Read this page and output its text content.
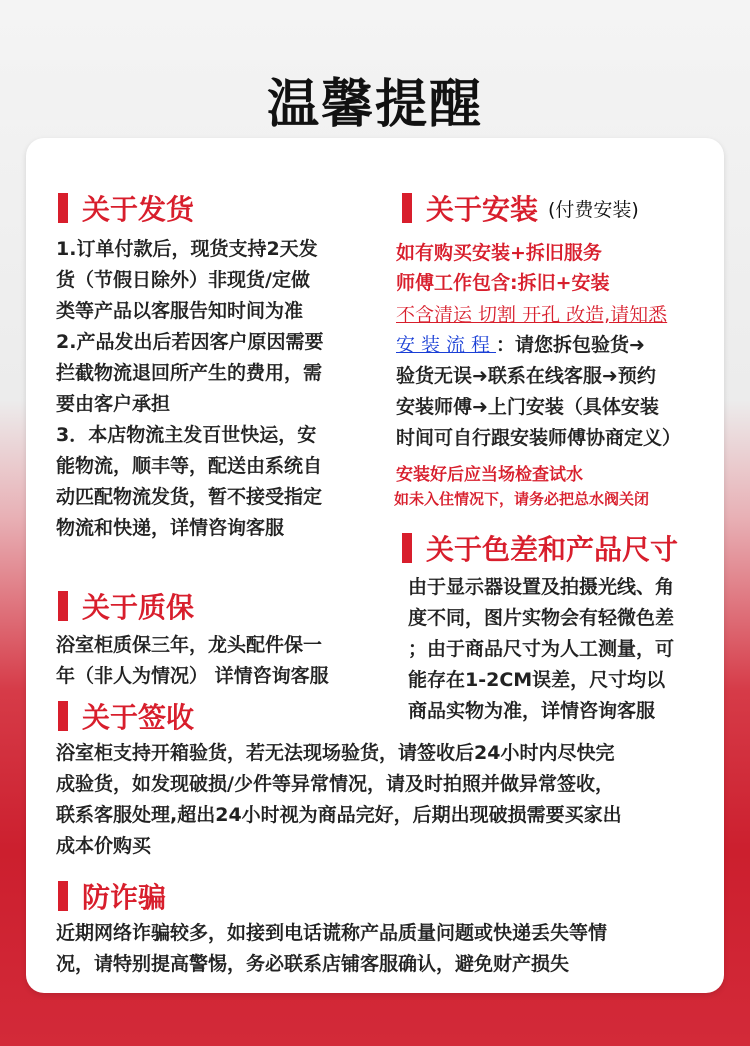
温馨提醒
关于发货

1.订单付款后，现货支持2天发

货（节假日除外）非现货/定做

类等产品以客服告知时间为准

2.产品发出后若因客户原因需要

拦截物流退回所产生的费用，需

要由客户承担

3．本店物流主发百世快运，安

能物流，顺丰等，配送由系统自

动匹配物流发货，暂不接受指定

物流和快递，详情咨询客服

关于安装 (付费安装)
如有购买安装+拆旧服务
师傅工作包含:拆旧+安装
不含清运 切割 开孔 改造,请知悉

安装流程：请您拆包验货➜

验货无误➜联系在线客服➜预约

安装师傅➜上门安装（具体安装

时间可自行跟安装师傅协商定义）

安装好后应当场检查试水
如未入住情况下，请务必把总水阀关闭
关于色差和产品尺寸

由于显示器设置及拍摄光线、角

度不同，图片实物会有轻微色差

；由于商品尺寸为人工测量，可

能存在1-2CM误差，尺寸均以

商品实物为准，详情咨询客服

关于质保

浴室柜质保三年，龙头配件保一

年（非人为情况） 详情咨询客服

关于签收

浴室柜支持开箱验货，若无法现场验货，请签收后24小时内尽快完

成验货，如发现破损/少件等异常情况，请及时拍照并做异常签收，

联系客服处理,超出24小时视为商品完好，后期出现破损需要买家出

成本价购买

防诈骗

近期网络诈骗较多，如接到电话谎称产品质量问题或快递丢失等情

况，请特别提高警惕，务必联系店铺客服确认，避免财产损失
